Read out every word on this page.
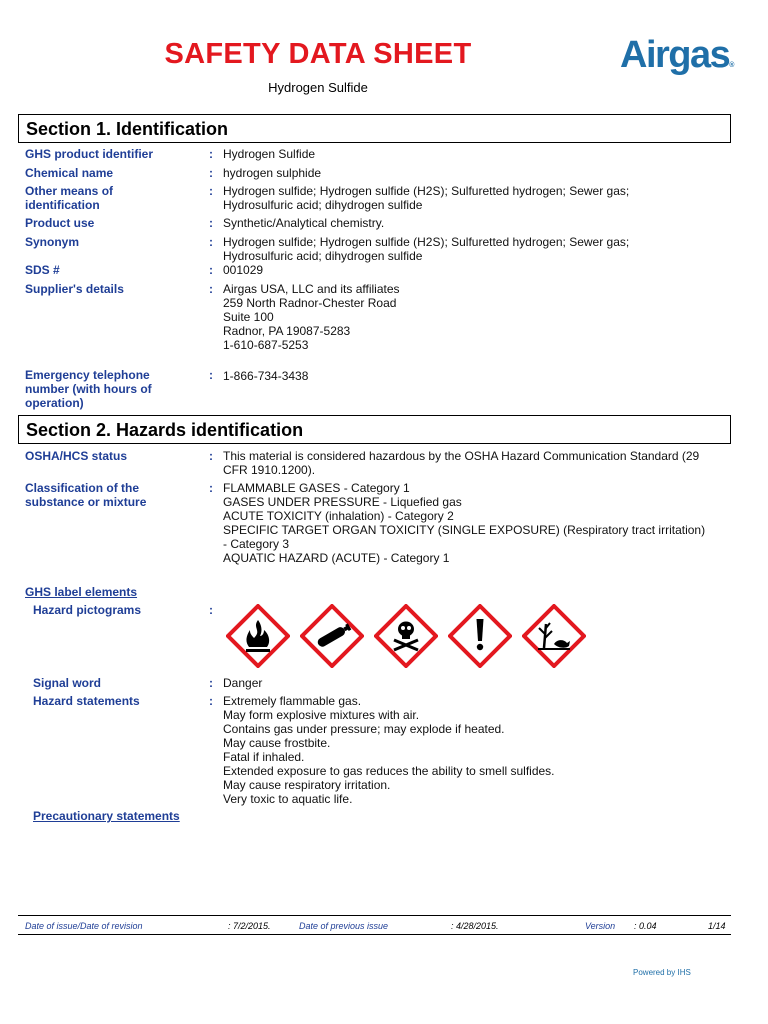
SAFETY DATA SHEET
Hydrogen Sulfide
Airgas®
Section 1. Identification
GHS product identifier	: Hydrogen Sulfide
Chemical name	: hydrogen sulphide
Other means of identification
: Hydrogen sulfide; Hydrogen sulfide (H2S); Sulfuretted hydrogen; Sewer gas; Hydrosulfuric acid; dihydrogen sulfide
Product use	: Synthetic/Analytical chemistry.
Synonym	: Hydrogen sulfide; Hydrogen sulfide (H2S); Sulfuretted hydrogen; Sewer gas; Hydrosulfuric acid; dihydrogen sulfide
SDS #	: 001029
Supplier's details	: Airgas USA, LLC and its affiliates
259 North Radnor-Chester Road
Suite 100
Radnor, PA 19087-5283
1-610-687-5253
Emergency telephone number (with hours of operation)
: 1-866-734-3438
Section 2. Hazards identification
OSHA/HCS status	: This material is considered hazardous by the OSHA Hazard Communication Standard (29 CFR 1910.1200).
Classification of the substance or mixture
: FLAMMABLE GASES - Category 1
GASES UNDER PRESSURE - Liquefied gas
ACUTE TOXICITY (inhalation) - Category 2
SPECIFIC TARGET ORGAN TOXICITY (SINGLE EXPOSURE) (Respiratory tract irritation) - Category 3
AQUATIC HAZARD (ACUTE) - Category 1
GHS label elements
Hazard pictograms	:
Signal word	: Danger
Hazard statements	: Extremely flammable gas.
May form explosive mixtures with air.
Contains gas under pressure; may explode if heated.
May cause frostbite.
Fatal if inhaled.
Extended exposure to gas reduces the ability to smell sulfides.
May cause respiratory irritation.
Very toxic to aquatic life.
Precautionary statements
Date of issue/Date of revision	: 7/2/2015.	Date of previous issue	: 4/28/2015.	Version : 0.04	1/14
Powered by IHS
